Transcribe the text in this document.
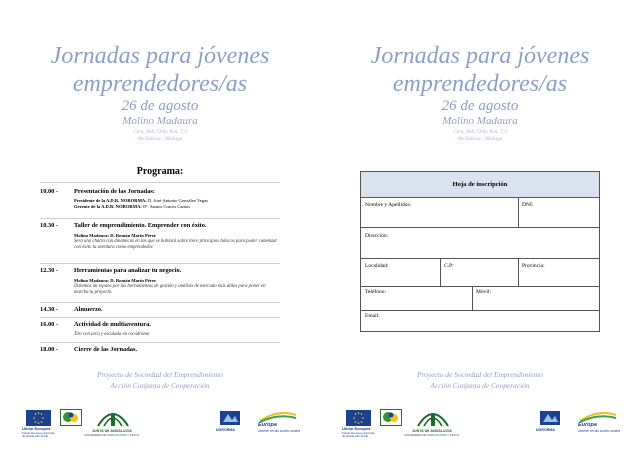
Jornadas para jóvenes
emprendedores/as
26 de agosto
Molino Madaura
Ctra. MA-7206, Km. 7,3
Archidona - Málaga
Programa:
10.00 - Presentación de las Jornadas:
Presidente de la A.D.R. NORORMA: D. José Antonio González Vegas
Gerente de la A.D.R. NORORMA: Dª. Santos Cruces Cantos
10.30 - Taller de emprendimiento. Emprender con éxito.
Molino Madaura: D. Román Marín Pérez
Será una charla con dinámicas en las que se hablará sobre trece principios básicos para poder comenzar con éxito tu aventura como emprendedor.
12.30 - Herramientas para analizar tu negocio.
Molino Madaura: D. Román Marín Pérez
Daremos un repaso por las herramientas de gestión y análisis de mercado más útiles para poner en marcha tu proyecto.
14.30 - Almuerzo.
16.00 - Actividad de multiaventura.
Tiro con arco y escalada en rocódromo
18.00 - Cierre de las Jornadas.
Proyecto de Sociedad del Emprendimiento
Acción Conjunta de Cooperación
Unión Europea
Fondo Europeo Agrícola
de Desarrollo Rural
JUNTA DE ANDALUCIA
CONSEJERÍA DE AGRICULTURA Y PESCA
NORORMA
Europa
invierte en las zonas rurales
Jornadas para jóvenes
emprendedores/as
26 de agosto
Molino Madaura
Ctra. MA-7206, Km. 7,3
Archidona - Málaga
Proyecto de Sociedad del Emprendimiento
Acción Conjunta de Cooperación
Unión Europea
Fondo Europeo Agrícola
de Desarrollo Rural
JUNTA DE ANDALUCIA
CONSEJERÍA DE AGRICULTURA Y PESCA
NORORMA
Europa
invierte en las zonas rurales
Hoja de inscripción
Nombre y Apellidos:	DNI:
Dirección:
Localidad:	C.P:	Provincia:
Teléfono:	Móvil:
Email:
